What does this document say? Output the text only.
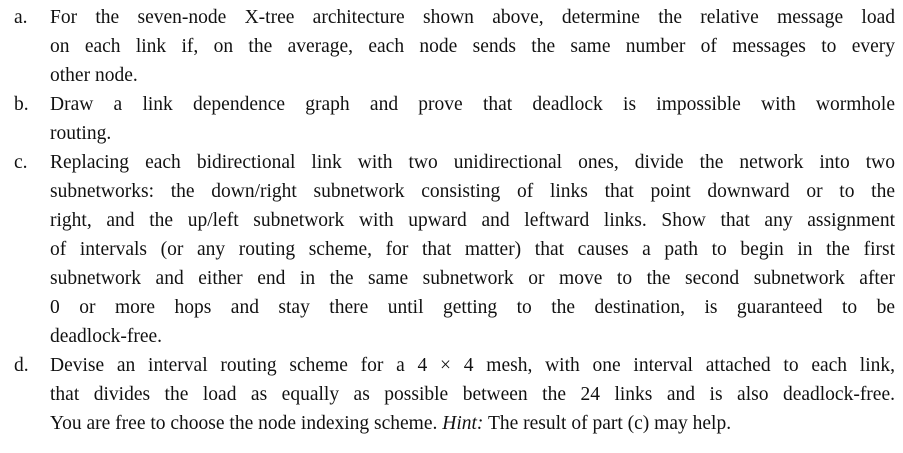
a.	For the seven-node X-tree architecture shown above, determine the relative message load
on each link if, on the average, each node sends the same number of messages to every
other node.
b.	Draw a link dependence graph and prove that deadlock is impossible with wormhole
routing.
c.	Replacing each bidirectional link with two unidirectional ones, divide the network into two
subnetworks: the down/right subnetwork consisting of links that point downward or to the
right, and the up/left subnetwork with upward and leftward links. Show that any assignment
of intervals (or any routing scheme, for that matter) that causes a path to begin in the first
subnetwork and either end in the same subnetwork or move to the second subnetwork after
0 or more hops and stay there until getting to the destination, is guaranteed to be
deadlock-free.
d.	Devise an interval routing scheme for a 4 × 4 mesh, with one interval attached to each link,
that divides the load as equally as possible between the 24 links and is also deadlock-free.
You are free to choose the node indexing scheme. Hint: The result of part (c) may help.
